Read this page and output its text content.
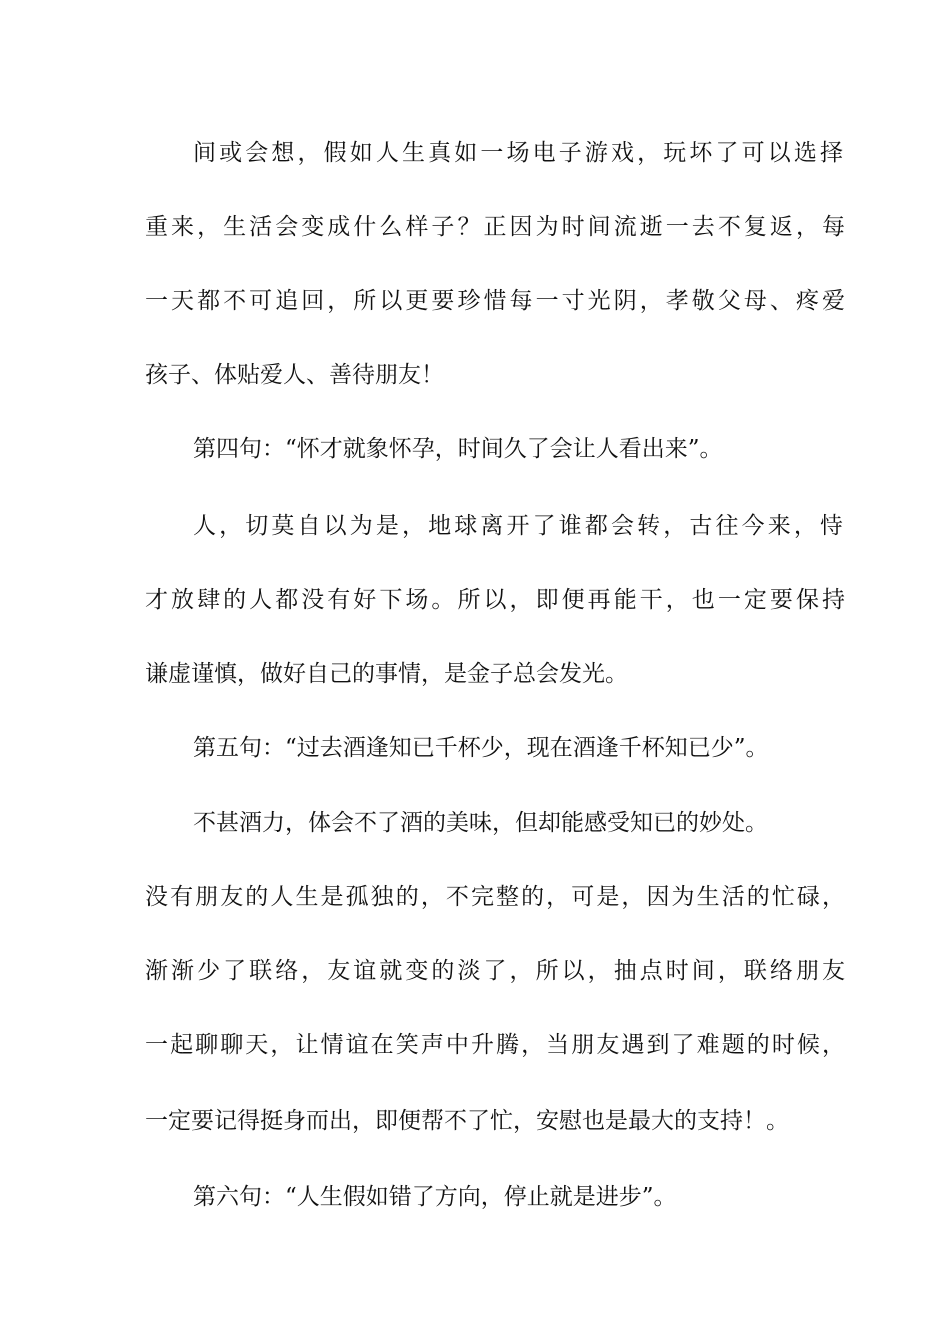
间或会想，假如人生真如一场电子游戏，玩坏了可以选择
重来，生活会变成什么样子？正因为时间流逝一去不复返，每
一天都不可追回，所以更要珍惜每一寸光阴，孝敬父母、疼爱
孩子、体贴爱人、善待朋友！
第四句：“怀才就象怀孕，时间久了会让人看出来”。
人，切莫自以为是，地球离开了谁都会转，古往今来，恃
才放肆的人都没有好下场。所以，即便再能干，也一定要保持
谦虚谨慎，做好自己的事情，是金子总会发光。
第五句：“过去酒逢知已千杯少，现在酒逢千杯知已少”。
不甚酒力，体会不了酒的美味，但却能感受知已的妙处。
没有朋友的人生是孤独的，不完整的，可是，因为生活的忙碌，
渐渐少了联络，友谊就变的淡了，所以，抽点时间，联络朋友
一起聊聊天，让情谊在笑声中升腾，当朋友遇到了难题的时候，
一定要记得挺身而出，即便帮不了忙，安慰也是最大的支持！。
第六句：“人生假如错了方向，停止就是进步”。
